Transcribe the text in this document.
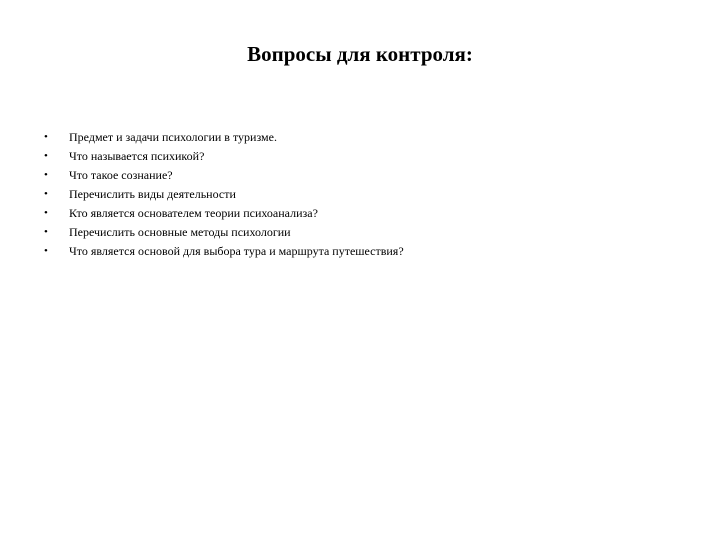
Вопросы для контроля:
•	Предмет и задачи психологии в туризме.
•	Что называется психикой?
•	Что такое сознание?
•	Перечислить виды деятельности
•	Кто является основателем теории психоанализа?
•	Перечислить основные методы психологии
•	Что является основой для выбора тура и маршрута путешествия?
